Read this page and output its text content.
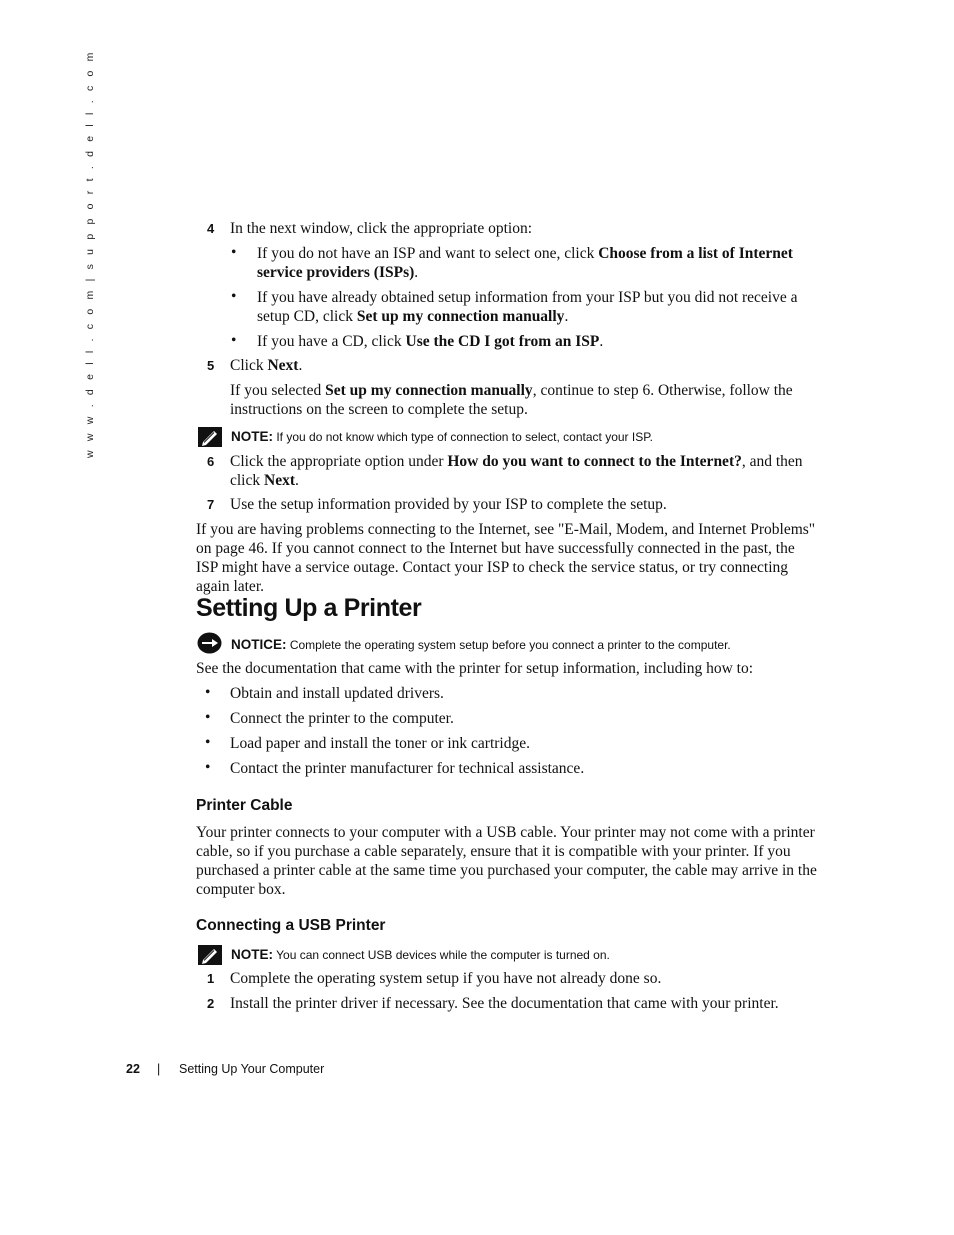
w w w . d e l l . c o m | s u p p o r t . d e l l . c o m	4 In the next window, click the appropriate option:

• If you do not have an ISP and want to select one, click Choose from a list of Internet service providers (ISPs).

• If you have already obtained setup information from your ISP but you did not receive a setup CD, click Set up my connection manually.

• If you have a CD, click Use the CD I got from an ISP.

5 Click Next.

If you selected Set up my connection manually, continue to step 6. Otherwise, follow the instructions on the screen to complete the setup.

NOTE: If you do not know which type of connection to select, contact your ISP.
6 Click the appropriate option under How do you want to connect to the Internet?, and then click Next.

7 Use the setup information provided by your ISP to complete the setup.

If you are having problems connecting to the Internet, see "E-Mail, Modem, and Internet Problems" on page 46. If you cannot connect to the Internet but have successfully connected in the past, the ISP might have a service outage. Contact your ISP to check the service status, or try connecting again later.

Setting Up a Printer
NOTICE: Complete the operating system setup before you connect a printer to the computer.

See the documentation that came with the printer for setup information, including how to:

• Obtain and install updated drivers.

• Connect the printer to the computer.

• Load paper and install the toner or ink cartridge.

• Contact the printer manufacturer for technical assistance.

Printer Cable

Your printer connects to your computer with a USB cable. Your printer may not come with a printer cable, so if you purchase a cable separately, ensure that it is compatible with your printer. If you purchased a printer cable at the same time you purchased your computer, the cable may arrive in the computer box.

Connecting a USB Printer
NOTE: You can connect USB devices while the computer is turned on.
1 Complete the operating system setup if you have not already done so.

2 Install the printer driver if necessary. See the documentation that came with your printer.

22 | Setting Up Your Computer
